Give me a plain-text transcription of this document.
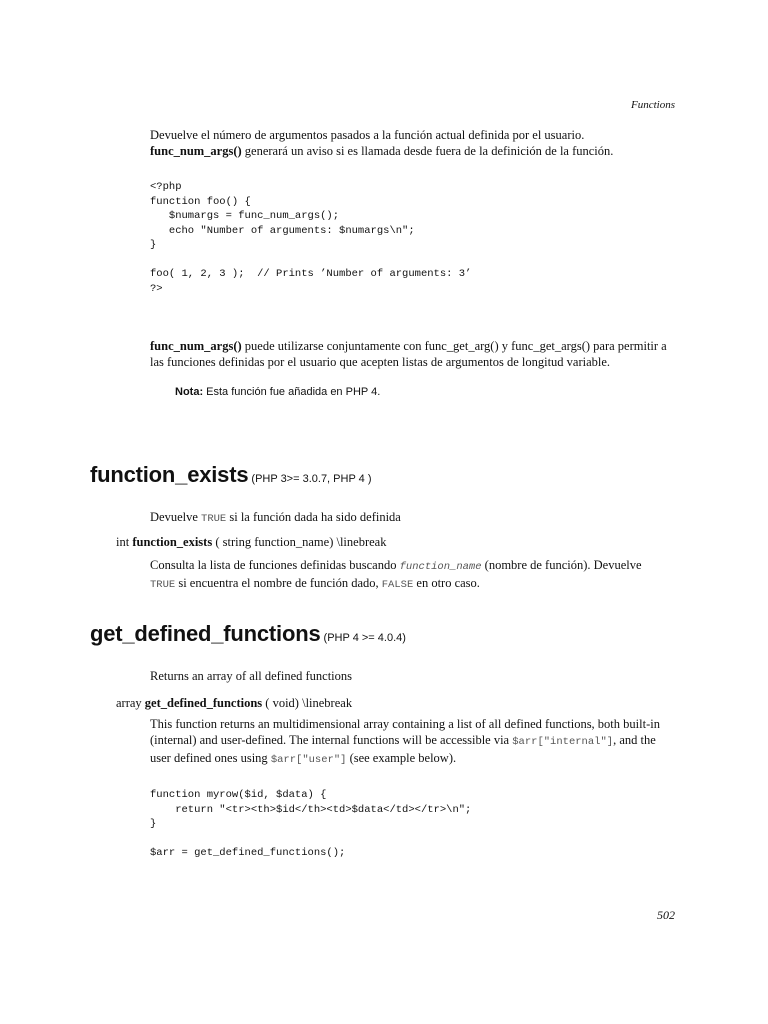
Functions
Devuelve el número de argumentos pasados a la función actual definida por el usuario.
func_num_args() generará un aviso si es llamada desde fuera de la definición de la función.
<?php
function foo() {
$numargs = func_num_args();
echo "Number of arguments: $numargs\n";
}

foo( 1, 2, 3 );  // Prints ’Number of arguments: 3’
?>
func_num_args() puede utilizarse conjuntamente con func_get_arg() y func_get_args() para permitir a
las funciones definidas por el usuario que acepten listas de argumentos de longitud variable.
Nota: Esta función fue añadida en PHP 4.
function_exists (PHP 3>= 3.0.7, PHP 4 )
Devuelve TRUE si la función dada ha sido definida
int function_exists ( string function_name) \linebreak
Consulta la lista de funciones definidas buscando function_name (nombre de función). Devuelve
TRUE si encuentra el nombre de función dado, FALSE en otro caso.
get_defined_functions (PHP 4 >= 4.0.4)
Returns an array of all defined functions
array get_defined_functions ( void) \linebreak
This function returns an multidimensional array containing a list of all defined functions, both built-in
(internal) and user-defined. The internal functions will be accessible via $arr["internal"], and the
user defined ones using $arr["user"] (see example below).
function myrow($id, $data) {
return "<tr><th>$id</th><td>$data</td></tr>\n";
}

$arr = get_defined_functions();
502
